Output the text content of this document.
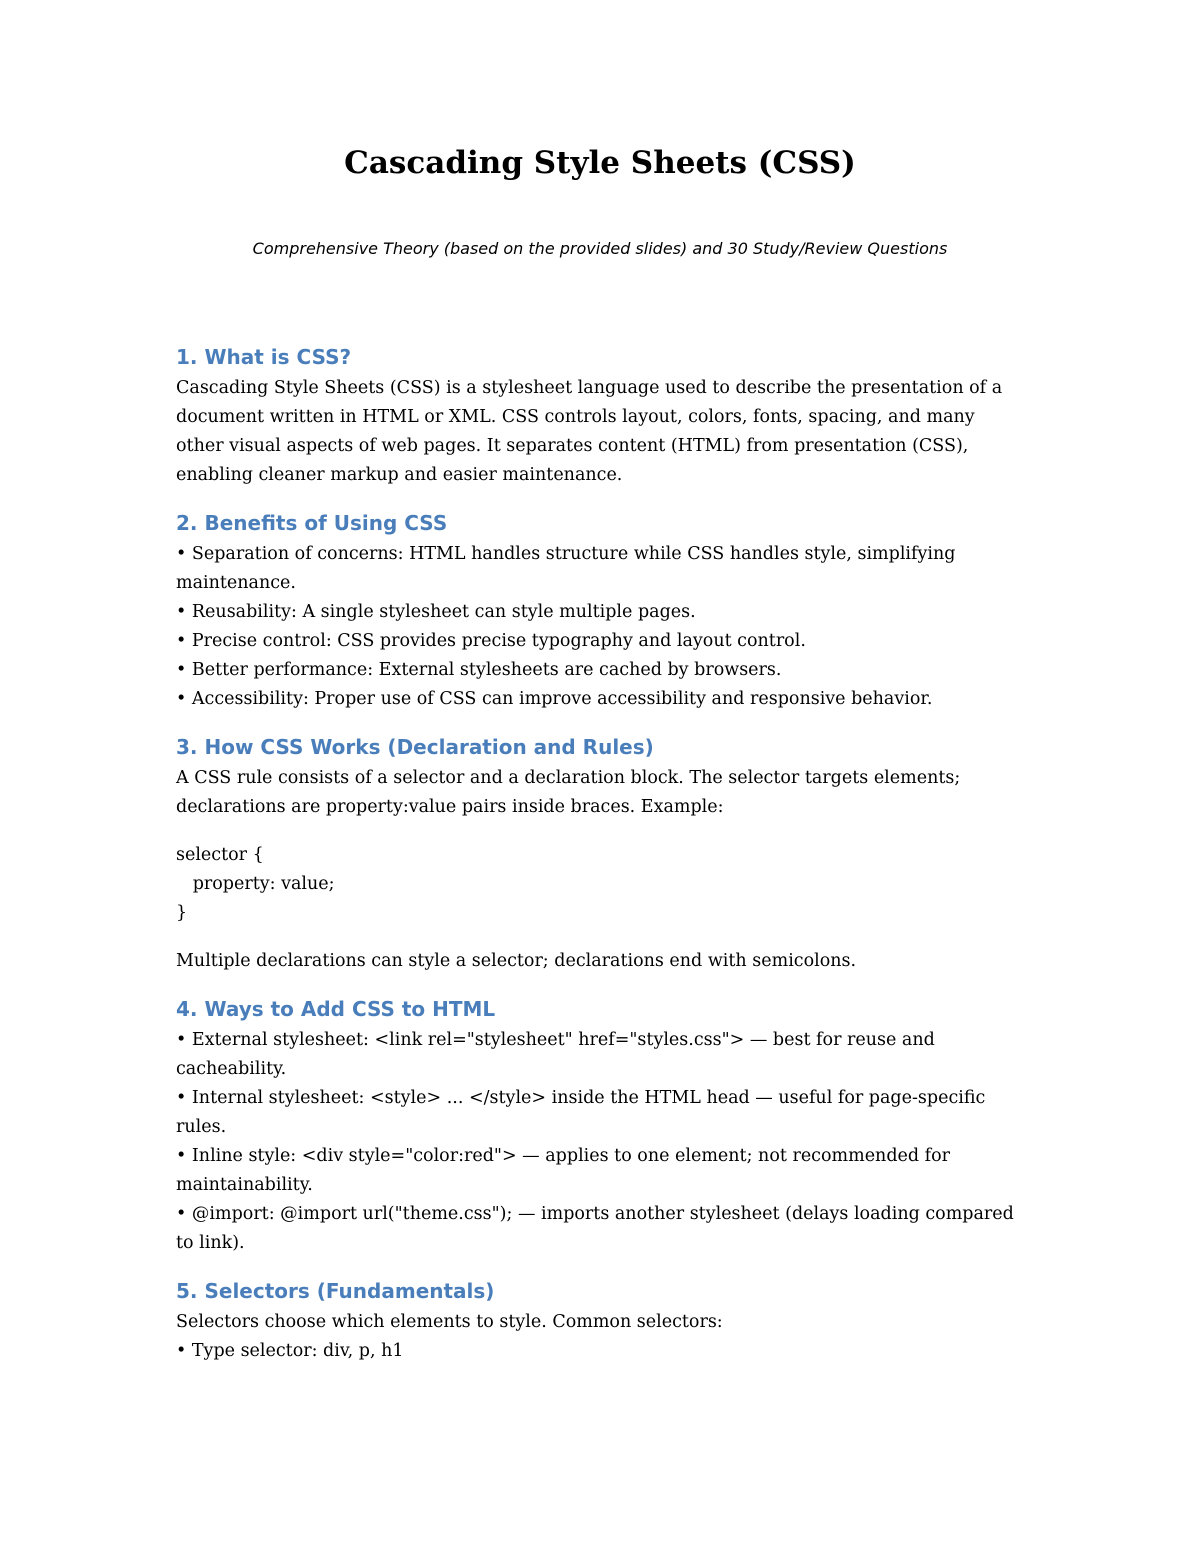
Cascading Style Sheets (CSS)

Comprehensive Theory (based on the provided slides) and 30 Study/Review Questions

1. What is CSS?

Cascading Style Sheets (CSS) is a stylesheet language used to describe the presentation of a document written in HTML or XML. CSS controls layout, colors, fonts, spacing, and many other visual aspects of web pages. It separates content (HTML) from presentation (CSS), enabling cleaner markup and easier maintenance.

2. Benefits of Using CSS

• Separation of concerns: HTML handles structure while CSS handles style, simplifying maintenance.

• Reusability: A single stylesheet can style multiple pages.

• Precise control: CSS provides precise typography and layout control.

• Better performance: External stylesheets are cached by browsers.

• Accessibility: Proper use of CSS can improve accessibility and responsive behavior.

3. How CSS Works (Declaration and Rules)

A CSS rule consists of a selector and a declaration block. The selector targets elements; declarations are property:value pairs inside braces. Example:

selector {

property: value;

}

Multiple declarations can style a selector; declarations end with semicolons.

4. Ways to Add CSS to HTML

• External stylesheet: <link rel="stylesheet" href="styles.css"> — best for reuse and cacheability.

• Internal stylesheet: <style> ... </style> inside the HTML head — useful for page-specific rules.

• Inline style: <div style="color:red"> — applies to one element; not recommended for maintainability.

• @import: @import url("theme.css"); — imports another stylesheet (delays loading compared to link).

5. Selectors (Fundamentals)

Selectors choose which elements to style. Common selectors:

• Type selector: div, p, h1
